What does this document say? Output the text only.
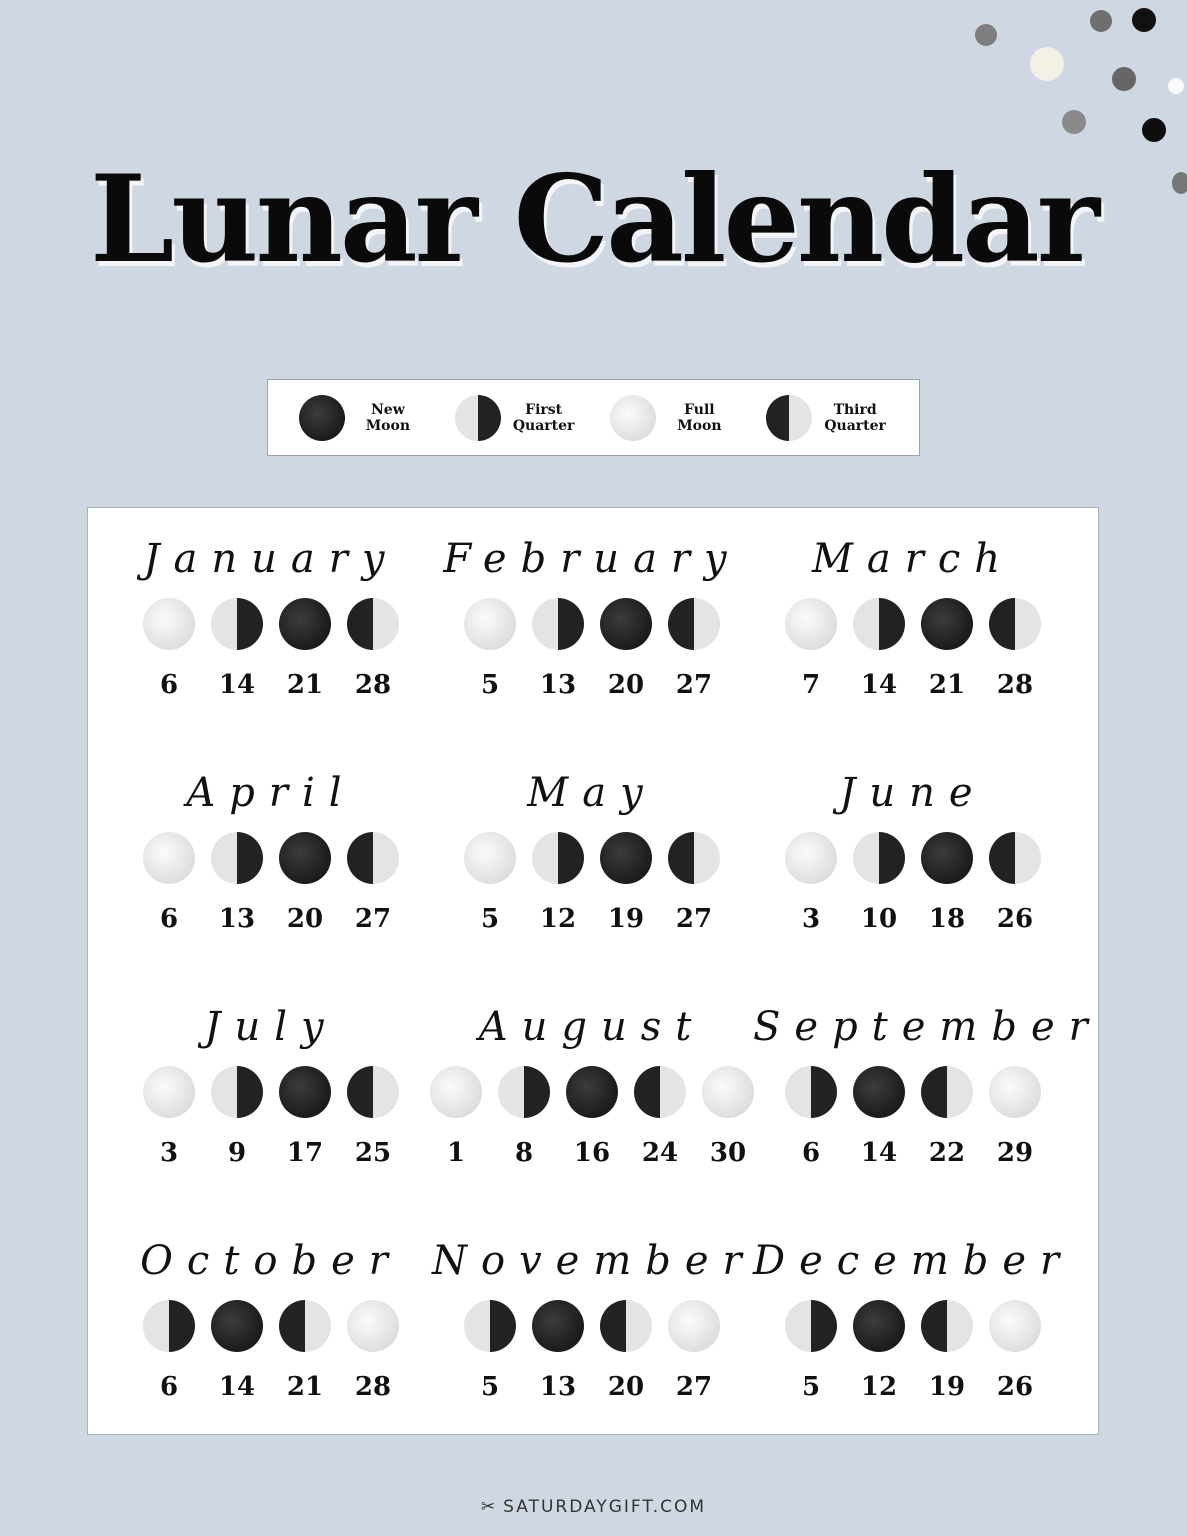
Lunar Calendar
New
Moon
First
Quarter
Full
Moon
Third
Quarter
January
6 14 21 28
February
5 13 20 27
March
7 14 21 28
April
6 13 20 27
May
5 12 19 27
June
3 10 18 26
July
3 9 17 25
August
1 8 16 24 30
September
6 14 22 29
October
6 14 21 28
November
5 13 20 27
December
5 12 19 26
✂ SATURDAYGIFT.COM
